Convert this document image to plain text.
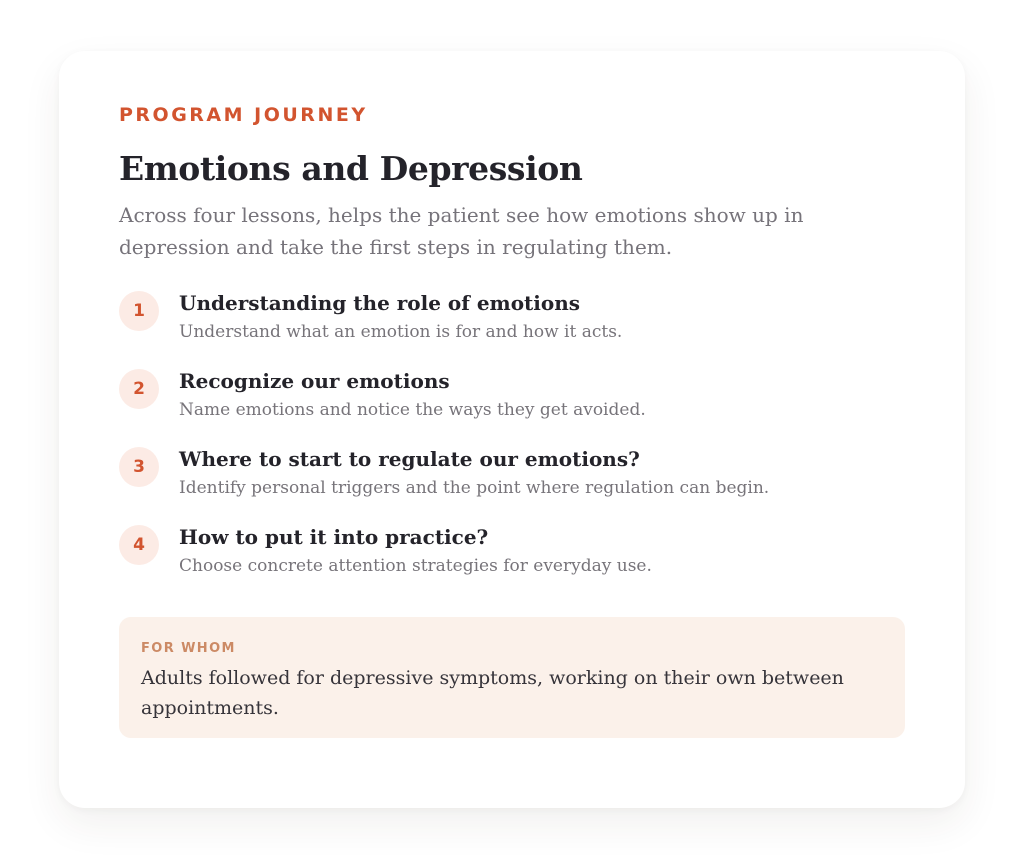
PROGRAM JOURNEY

Emotions and Depression

Across four lessons, helps the patient see how emotions show up in depression and take the first steps in regulating them.

1	Understanding the role of emotions

Understand what an emotion is for and how it acts.

2	Recognize our emotions

Name emotions and notice the ways they get avoided.

3	Where to start to regulate our emotions?

Identify personal triggers and the point where regulation can begin.

4	How to put it into practice?

Choose concrete attention strategies for everyday use.

FOR WHOM

Adults followed for depressive symptoms, working on their own between appointments.
